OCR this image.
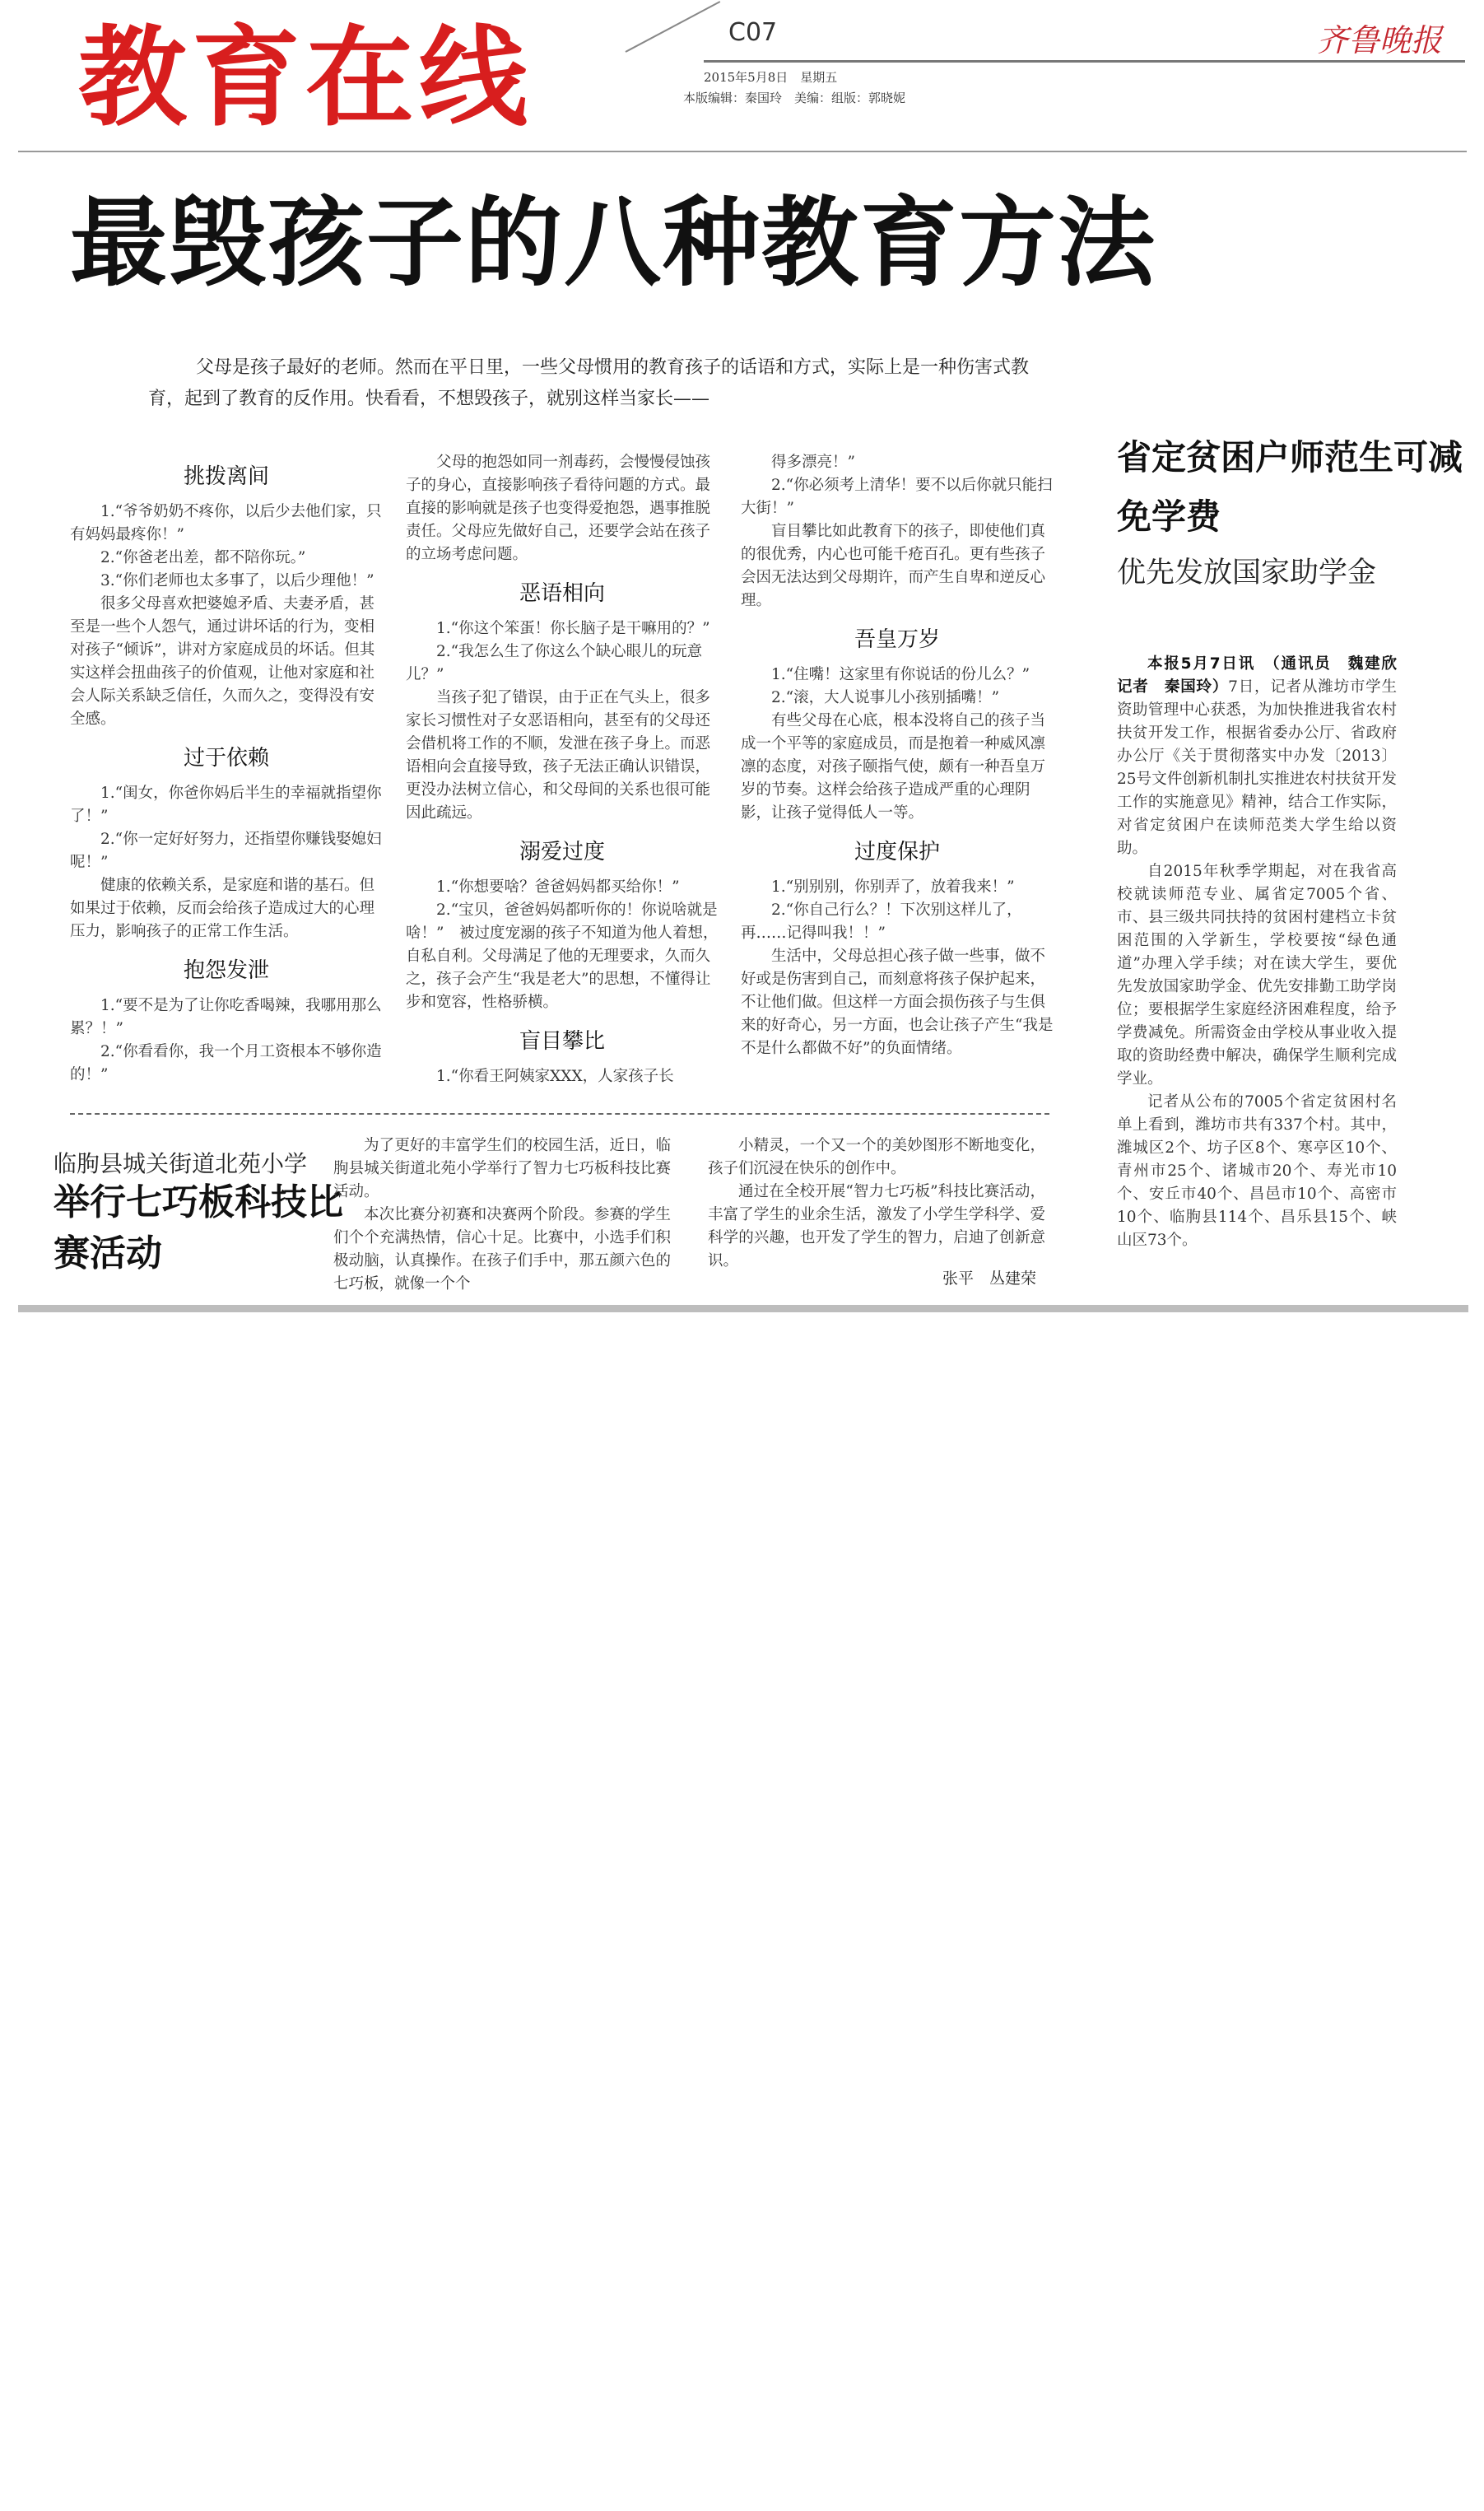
教育在线	C07
2015年5月8日　星期五
本版编辑：秦国玲　美编：组版：郭晓妮
齐鲁晚报
最毁孩子的八种教育方法

父母是孩子最好的老师。然而在平日里，一些父母惯用的教育孩子的话语和方式，实际上是一种伤害式教育，起到了教育的反作用。快看看，不想毁孩子，就别这样当家长——

挑拨离间

1.“爷爷奶奶不疼你，以后少去他们家，只有妈妈最疼你！”

2.“你爸老出差，都不陪你玩。”

3.“你们老师也太多事了，以后少理他！”

很多父母喜欢把婆媳矛盾、夫妻矛盾，甚至是一些个人怨气，通过讲坏话的行为，变相对孩子“倾诉”，讲对方家庭成员的坏话。但其实这样会扭曲孩子的价值观，让他对家庭和社会人际关系缺乏信任，久而久之，变得没有安全感。

过于依赖

1.“闺女，你爸你妈后半生的幸福就指望你了！”

2.“你一定好好努力，还指望你赚钱娶媳妇呢！”

健康的依赖关系，是家庭和谐的基石。但如果过于依赖，反而会给孩子造成过大的心理压力，影响孩子的正常工作生活。

抱怨发泄

1.“要不是为了让你吃香喝辣，我哪用那么累？！”

2.“你看看你，我一个月工资根本不够你造的！”

父母的抱怨如同一剂毒药，会慢慢侵蚀孩子的身心，直接影响孩子看待问题的方式。最直接的影响就是孩子也变得爱抱怨，遇事推脱责任。父母应先做好自己，还要学会站在孩子的立场考虑问题。

恶语相向

1.“你这个笨蛋！你长脑子是干嘛用的？”

2.“我怎么生了你这么个缺心眼儿的玩意儿？”

当孩子犯了错误，由于正在气头上，很多家长习惯性对子女恶语相向，甚至有的父母还会借机将工作的不顺，发泄在孩子身上。而恶语相向会直接导致，孩子无法正确认识错误，更没办法树立信心，和父母间的关系也很可能因此疏远。

溺爱过度

1.“你想要啥？爸爸妈妈都买给你！”

2.“宝贝，爸爸妈妈都听你的！你说啥就是啥！”　被过度宠溺的孩子不知道为他人着想，自私自利。父母满足了他的无理要求，久而久之，孩子会产生“我是老大”的思想，不懂得让步和宽容，性格骄横。

盲目攀比

1.“你看王阿姨家XXX，人家孩子长

得多漂亮！”

2.“你必须考上清华！要不以后你就只能扫大街！”

盲目攀比如此教育下的孩子，即使他们真的很优秀，内心也可能千疮百孔。更有些孩子会因无法达到父母期许，而产生自卑和逆反心理。

吾皇万岁

1.“住嘴！这家里有你说话的份儿么？”

2.“滚，大人说事儿小孩别插嘴！”

有些父母在心底，根本没将自己的孩子当成一个平等的家庭成员，而是抱着一种威风凛凛的态度，对孩子颐指气使，颇有一种吾皇万岁的节奏。这样会给孩子造成严重的心理阴影，让孩子觉得低人一等。

过度保护

1.“别别别，你别弄了，放着我来！”

2.“你自己行么？！下次别这样儿了，再……记得叫我！！”

生活中，父母总担心孩子做一些事，做不好或是伤害到自己，而刻意将孩子保护起来，不让他们做。但这样一方面会损伤孩子与生俱来的好奇心，另一方面，也会让孩子产生“我是不是什么都做不好”的负面情绪。

省定贫困户师范生可减免学费
优先发放国家助学金

本报5月7日讯　（通讯员　魏建欣　记者　秦国玲）7日，记者从潍坊市学生资助管理中心获悉，为加快推进我省农村扶贫开发工作，根据省委办公厅、省政府办公厅《关于贯彻落实中办发〔2013〕25号文件创新机制扎实推进农村扶贫开发工作的实施意见》精神，结合工作实际，对省定贫困户在读师范类大学生给以资助。

自2015年秋季学期起，对在我省高校就读师范专业、属省定7005个省、市、县三级共同扶持的贫困村建档立卡贫困范围的入学新生，学校要按“绿色通道”办理入学手续；对在读大学生，要优先发放国家助学金、优先安排勤工助学岗位；要根据学生家庭经济困难程度，给予学费减免。所需资金由学校从事业收入提取的资助经费中解决，确保学生顺利完成学业。

记者从公布的7005个省定贫困村名单上看到，潍坊市共有337个村。其中，潍城区2个、坊子区8个、寒亭区10个、青州市25个、诸城市20个、寿光市10个、安丘市40个、昌邑市10个、高密市10个、临朐县114个、昌乐县15个、峡山区73个。

临朐县城关街道北苑小学
举行七巧板科技比赛活动

为了更好的丰富学生们的校园生活，近日，临朐县城关街道北苑小学举行了智力七巧板科技比赛活动。

本次比赛分初赛和决赛两个阶段。参赛的学生们个个充满热情，信心十足。比赛中，小选手们积极动脑，认真操作。在孩子们手中，那五颜六色的七巧板，就像一个个

小精灵，一个又一个的美妙图形不断地变化，孩子们沉浸在快乐的创作中。

通过在全校开展“智力七巧板”科技比赛活动，丰富了学生的业余生活，激发了小学生学科学、爱科学的兴趣，也开发了学生的智力，启迪了创新意识。

张平　丛建荣
